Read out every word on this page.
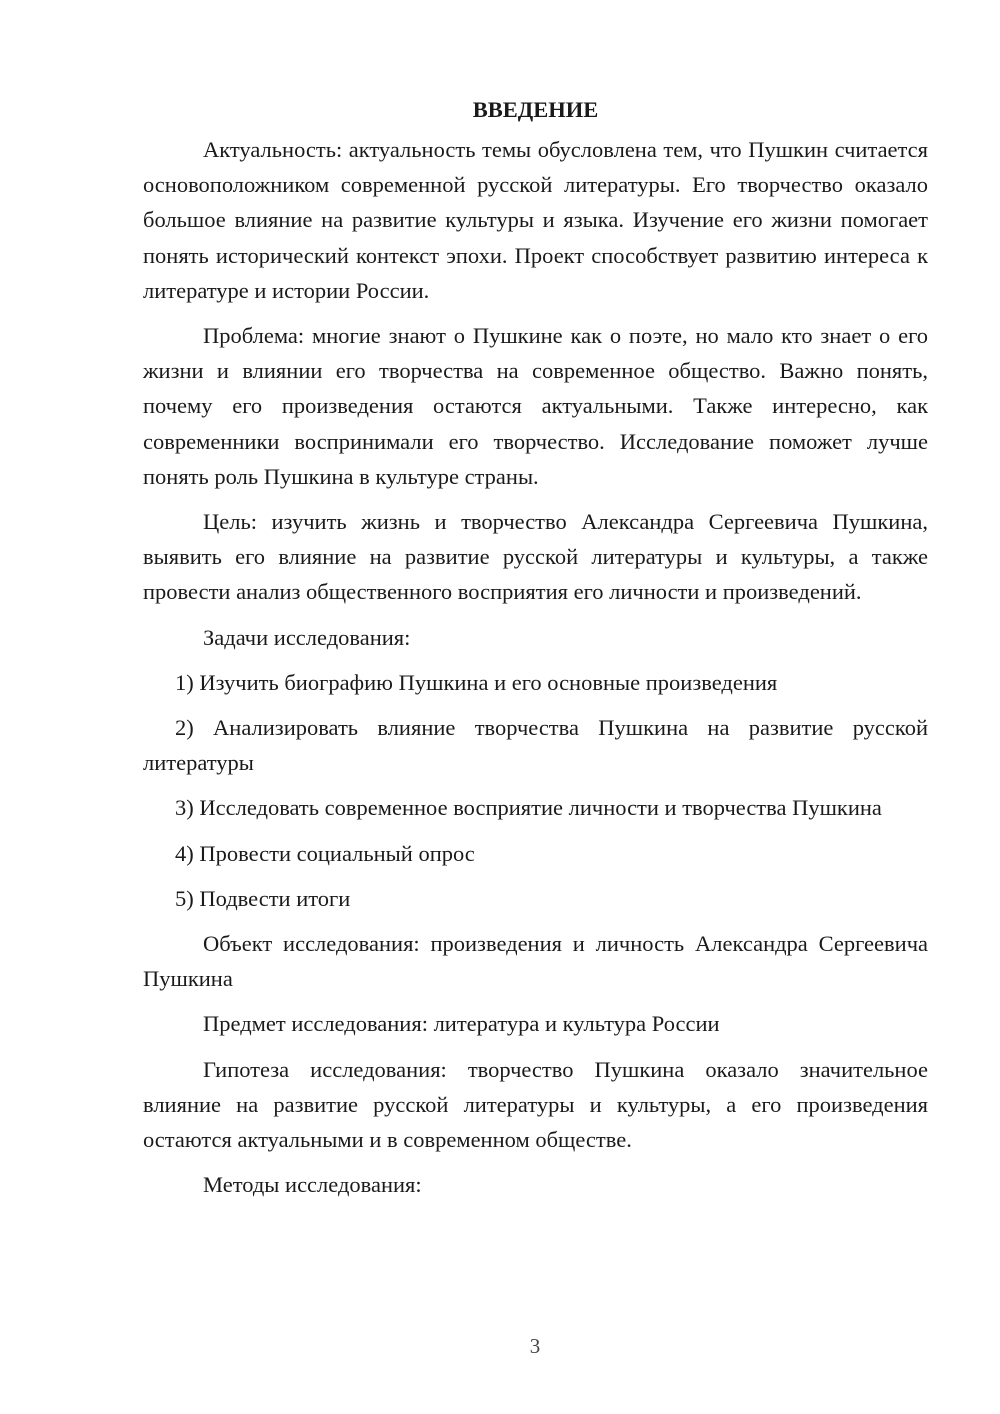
ВВЕДЕНИЕ

Актуальность: актуальность темы обусловлена тем, что Пушкин считается основоположником современной русской литературы. Его творчество оказало большое влияние на развитие культуры и языка. Изучение его жизни помогает понять исторический контекст эпохи. Проект способствует развитию интереса к литературе и истории России.

Проблема: многие знают о Пушкине как о поэте, но мало кто знает о его жизни и влиянии его творчества на современное общество. Важно понять, почему его произведения остаются актуальными. Также интересно, как современники воспринимали его творчество. Исследование поможет лучше понять роль Пушкина в культуре страны.

Цель: изучить жизнь и творчество Александра Сергеевича Пушкина, выявить его влияние на развитие русской литературы и культуры, а также провести анализ общественного восприятия его личности и произведений.

Задачи исследования:

1) Изучить биографию Пушкина и его основные произведения

2) Анализировать влияние творчества Пушкина на развитие русской литературы

3) Исследовать современное восприятие личности и творчества Пушкина

4) Провести социальный опрос

5) Подвести итоги

Объект исследования: произведения и личность Александра Сергеевича Пушкина

Предмет исследования: литература и культура России

Гипотеза исследования: творчество Пушкина оказало значительное влияние на развитие русской литературы и культуры, а его произведения остаются актуальными и в современном обществе.

Методы исследования:

3
